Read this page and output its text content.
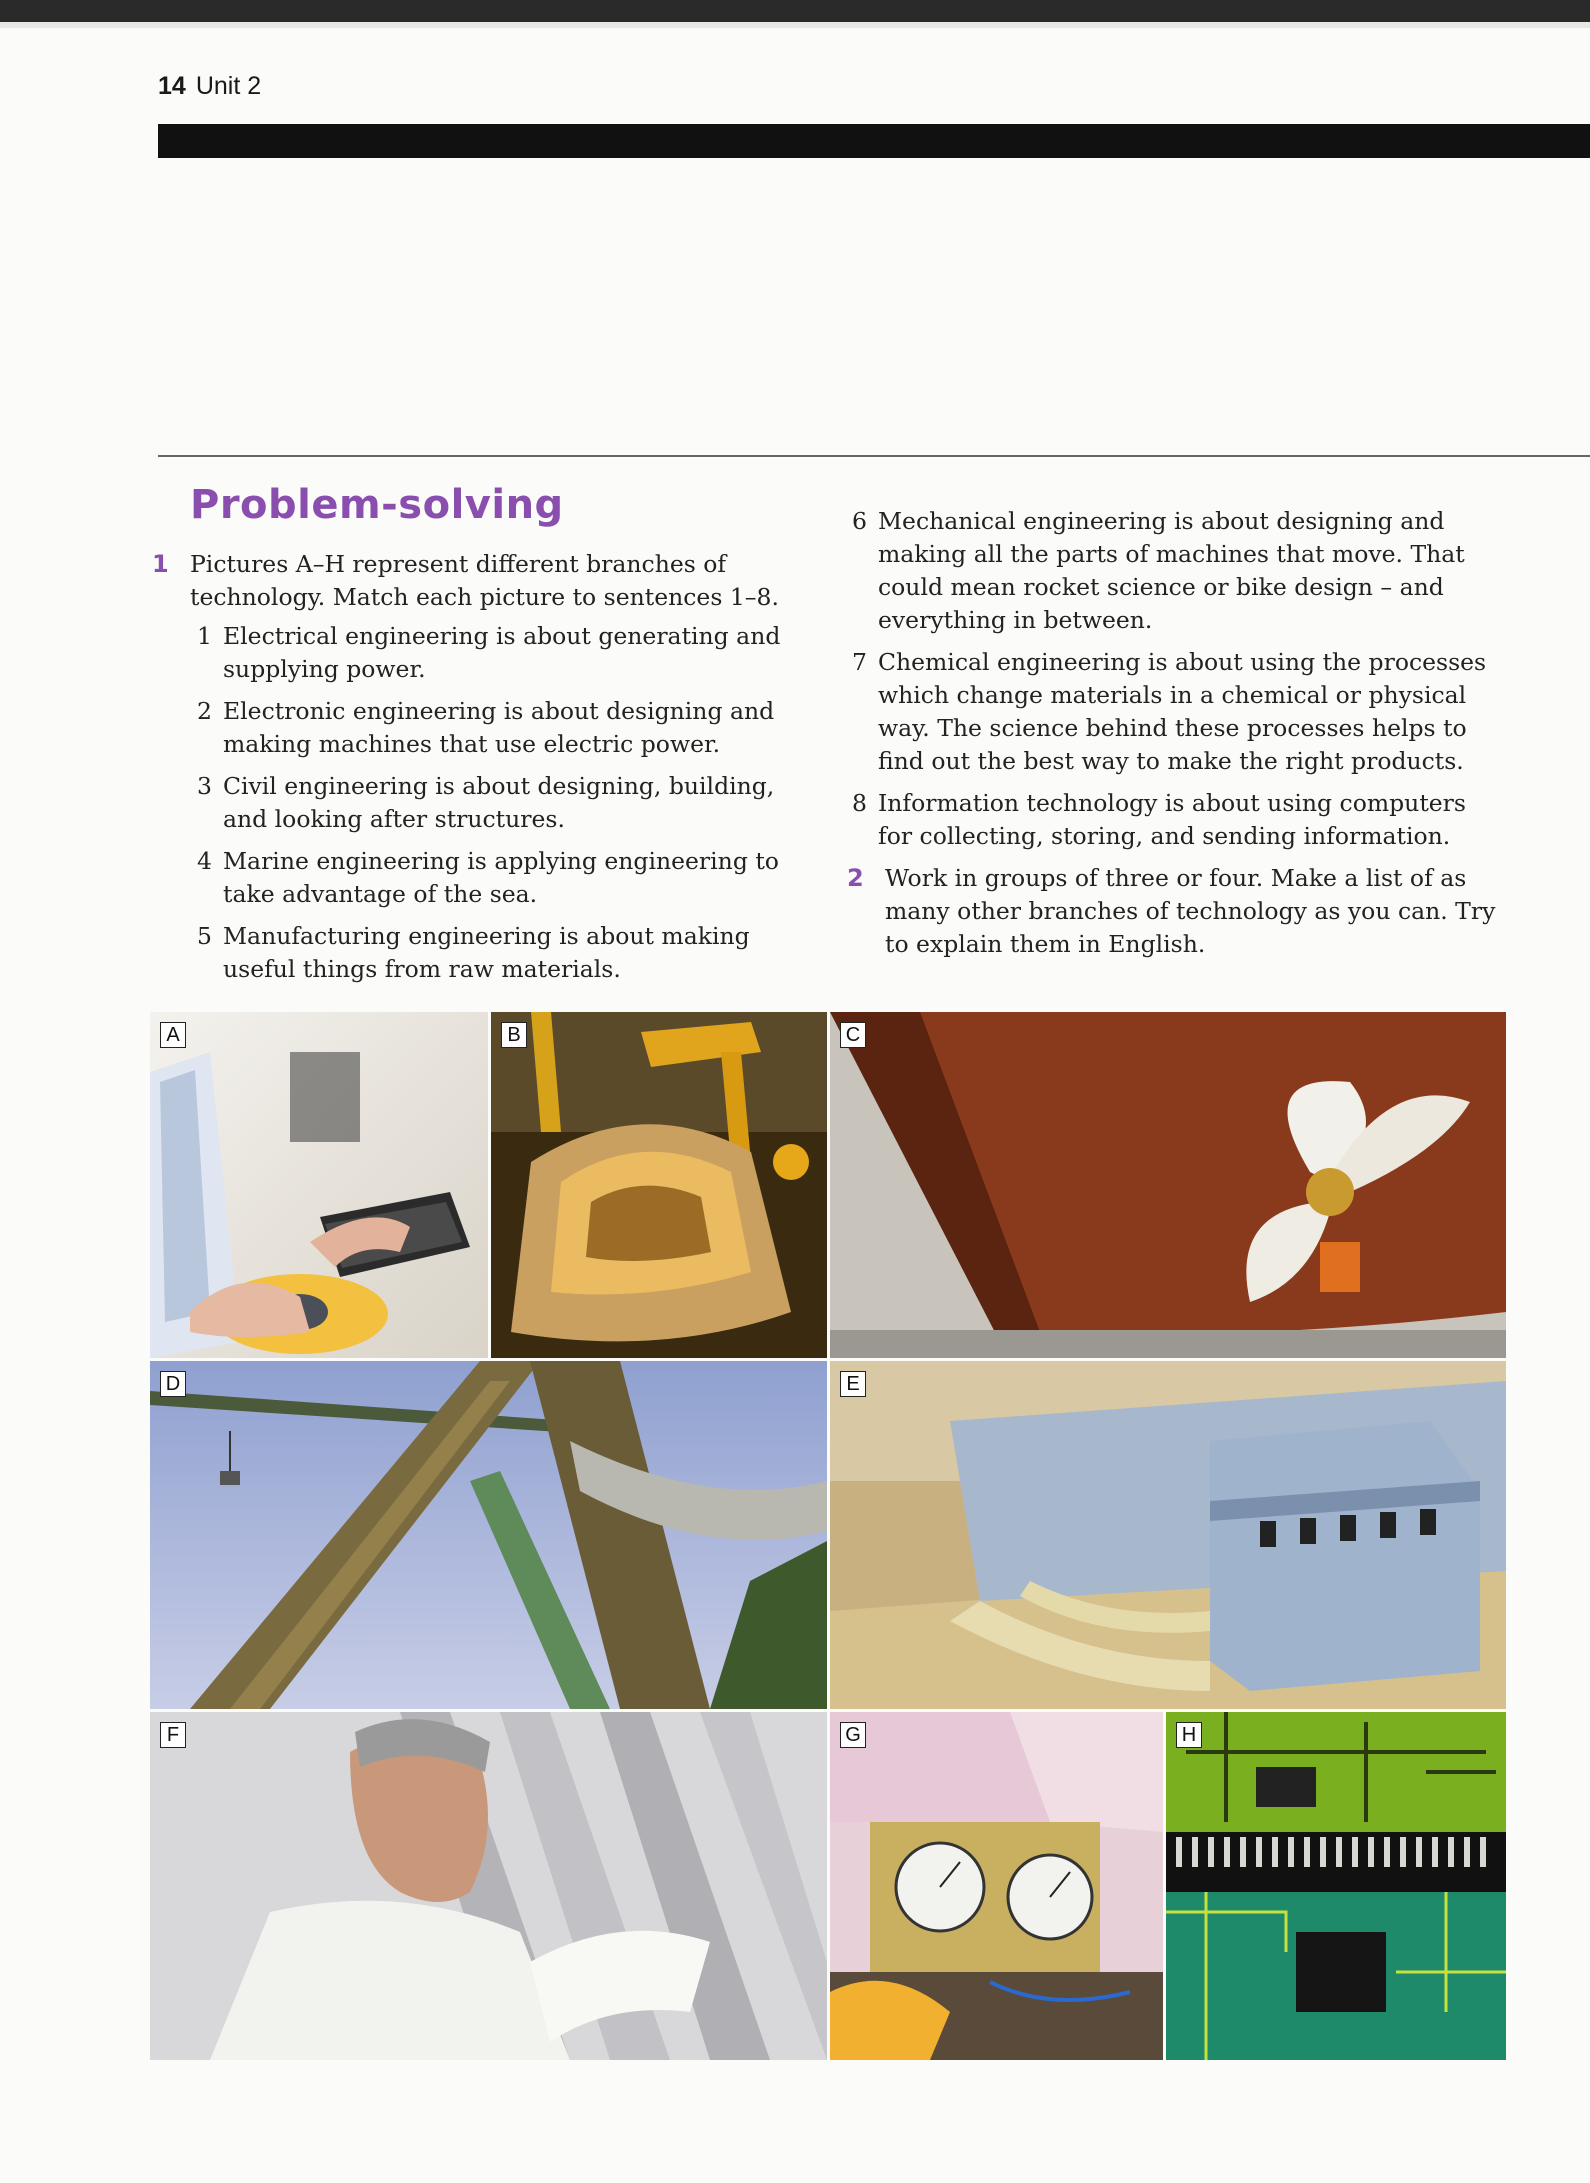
14 Unit 2
Problem-solving
1 Pictures A–H represent different branches of technology. Match each picture to sentences 1–8.
1 Electrical engineering is about generating and supplying power.
2 Electronic engineering is about designing and making machines that use electric power.
3 Civil engineering is about designing, building, and looking after structures.
4 Marine engineering is applying engineering to take advantage of the sea.
5 Manufacturing engineering is about making useful things from raw materials.
6 Mechanical engineering is about designing and making all the parts of machines that move. That could mean rocket science or bike design – and everything in between.
7 Chemical engineering is about using the processes which change materials in a chemical or physical way. The science behind these processes helps to find out the best way to make the right products.
8 Information technology is about using computers for collecting, storing, and sending information.
2 Work in groups of three or four. Make a list of as many other branches of technology as you can. Try to explain them in English.
A	B	C
D	E
F	G	H
